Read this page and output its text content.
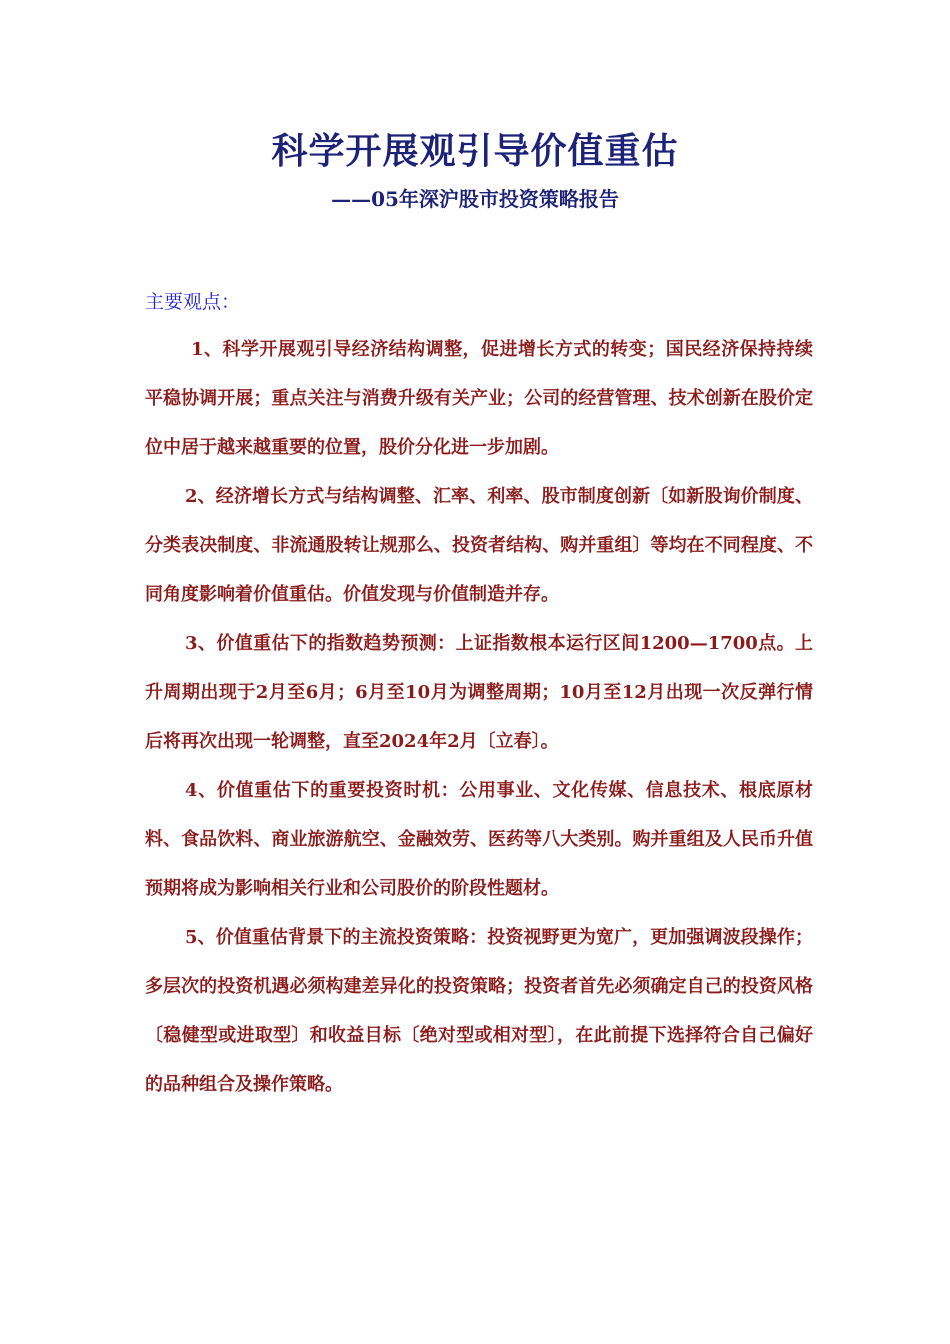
科学开展观引导价值重估
——05年深沪股市投资策略报告
主要观点：

1、科学开展观引导经济结构调整，促进增长方式的转变；国民经济保持持续平稳协调开展；重点关注与消费升级有关产业；公司的经营管理、技术创新在股价定位中居于越来越重要的位置，股价分化进一步加剧。

2、经济增长方式与结构调整、汇率、利率、股市制度创新〔如新股询价制度、分类表决制度、非流通股转让规那么、投资者结构、购并重组〕等均在不同程度、不同角度影响着价值重估。价值发现与价值制造并存。

3、价值重估下的指数趋势预测：上证指数根本运行区间1200—1700点。上升周期出现于2月至6月；6月至10月为调整周期；10月至12月出现一次反弹行情后将再次出现一轮调整，直至2024年2月〔立春〕。

4、价值重估下的重要投资时机：公用事业、文化传媒、信息技术、根底原材料、食品饮料、商业旅游航空、金融效劳、医药等八大类别。购并重组及人民币升值预期将成为影响相关行业和公司股价的阶段性题材。

5、价值重估背景下的主流投资策略：投资视野更为宽广，更加强调波段操作；多层次的投资机遇必须构建差异化的投资策略；投资者首先必须确定自己的投资风格〔稳健型或进取型〕和收益目标〔绝对型或相对型〕，在此前提下选择符合自己偏好的品种组合及操作策略。
